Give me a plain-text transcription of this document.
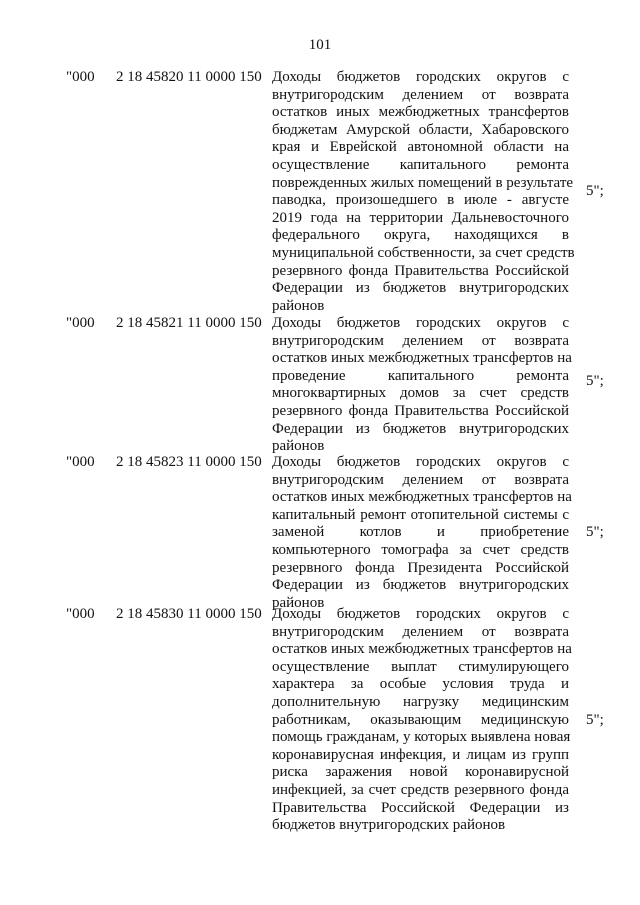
101
"000 2 18 45820 11 0000 150 Доходы бюджетов городских округов с
внутригородским делением от возврата
остатков иных межбюджетных трансфертов
бюджетам Амурской области, Хабаровского
края и Еврейской автономной области на
осуществление капитального ремонта
поврежденных жилых помещений в результате
паводка, произошедшего в июле - августе
2019 года на территории Дальневосточного
федерального округа, находящихся в
муниципальной собственности, за счет средств
резервного фонда Правительства Российской
Федерации из бюджетов внутригородских
районов
5";
"000 2 18 45821 11 0000 150 Доходы бюджетов городских округов с
внутригородским делением от возврата
остатков иных межбюджетных трансфертов на
проведение капитального ремонта
многоквартирных домов за счет средств
резервного фонда Правительства Российской
Федерации из бюджетов внутригородских
районов
5";
"000 2 18 45823 11 0000 150 Доходы бюджетов городских округов с
внутригородским делением от возврата
остатков иных межбюджетных трансфертов на
капитальный ремонт отопительной системы с
заменой котлов и приобретение
компьютерного томографа за счет средств
резервного фонда Президента Российской
Федерации из бюджетов внутригородских
районов
5";
"000 2 18 45830 11 0000 150 Доходы бюджетов городских округов с
внутригородским делением от возврата
остатков иных межбюджетных трансфертов на
осуществление выплат стимулирующего
характера за особые условия труда и
дополнительную нагрузку медицинским
работникам, оказывающим медицинскую
помощь гражданам, у которых выявлена новая
коронавирусная инфекция, и лицам из групп
риска заражения новой коронавирусной
инфекцией, за счет средств резервного фонда
Правительства Российской Федерации из
бюджетов внутригородских районов
5";
